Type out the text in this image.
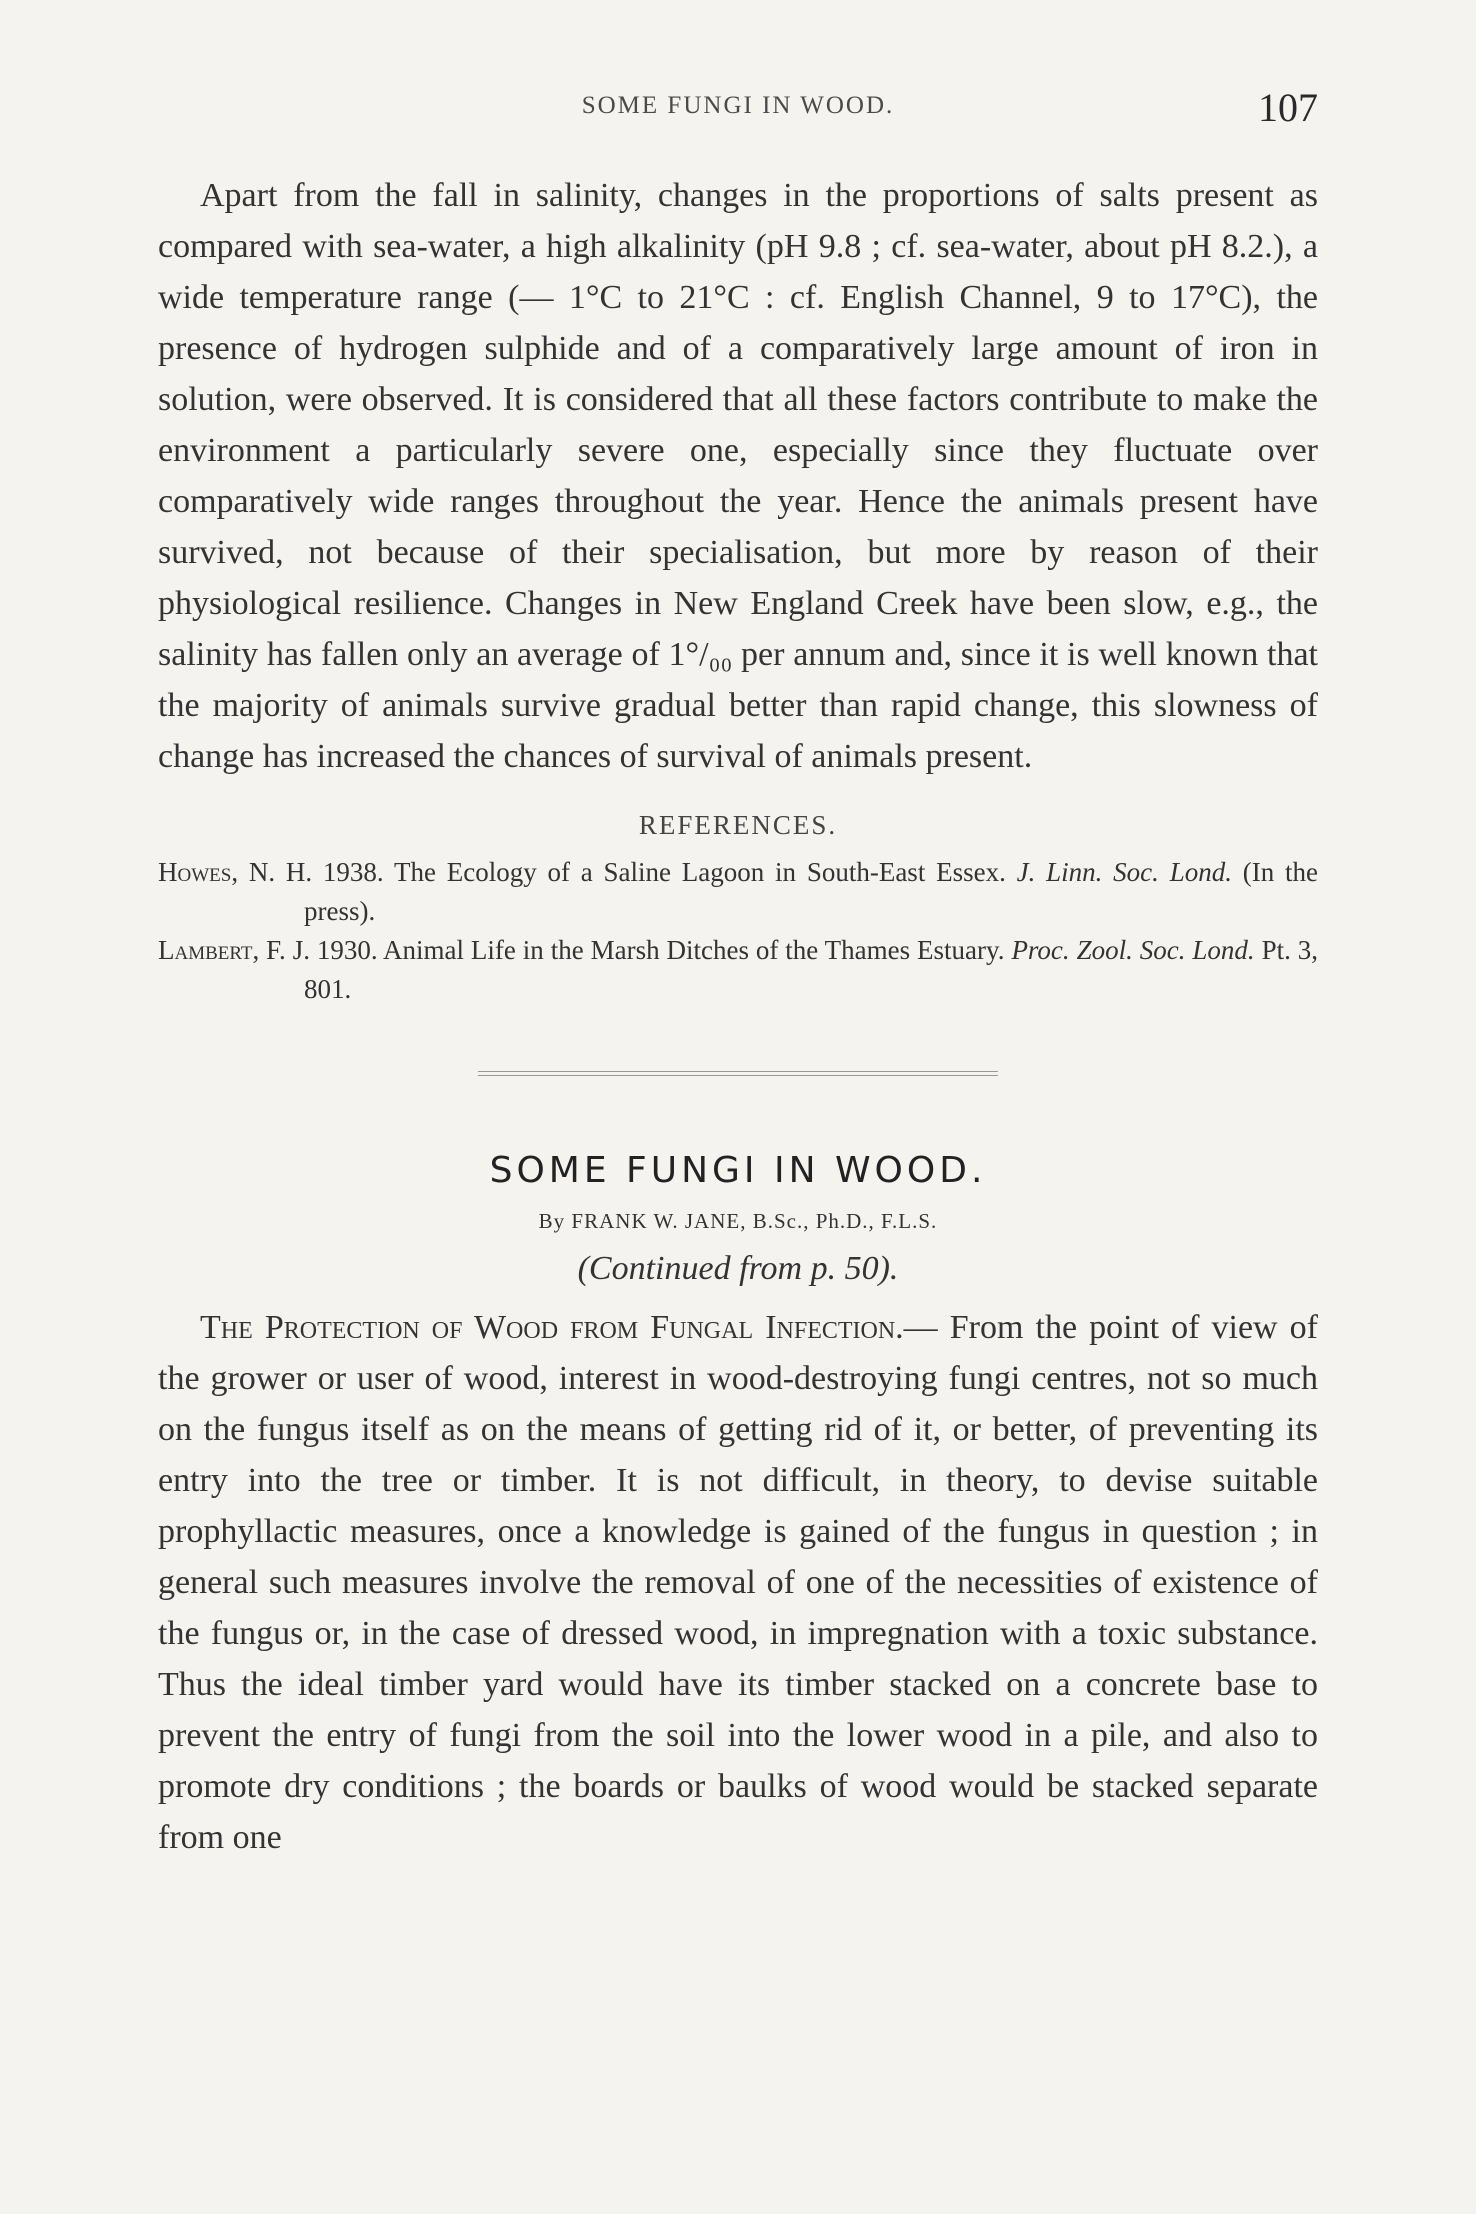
SOME FUNGI IN WOOD.	107

Apart from the fall in salinity, changes in the proportions of salts present as compared with sea-water, a high alkalinity (pH 9.8 ; cf. sea-water, about pH 8.2.), a wide temperature range (— 1°C to 21°C : cf. English Channel, 9 to 17°C), the presence of hydrogen sulphide and of a comparatively large amount of iron in solution, were observed. It is considered that all these factors contribute to make the environment a particularly severe one, especially since they fluctuate over comparatively wide ranges throughout the year. Hence the animals present have survived, not because of their specialisation, but more by reason of their physiological resilience. Changes in New England Creek have been slow, e.g., the salinity has fallen only an average of 1°/₀₀ per annum and, since it is well known that the majority of animals survive gradual better than rapid change, this slowness of change has increased the chances of survival of animals present.

REFERENCES.

Howes, N. H. 1938. The Ecology of a Saline Lagoon in South-East Essex. J. Linn. Soc. Lond. (In the press).

Lambert, F. J. 1930. Animal Life in the Marsh Ditches of the Thames Estuary. Proc. Zool. Soc. Lond. Pt. 3, 801.

SOME FUNGI IN WOOD.
By FRANK W. JANE, B.Sc., Ph.D., F.L.S.
(Continued from p. 50).

The Protection of Wood from Fungal Infection.— From the point of view of the grower or user of wood, interest in wood-destroying fungi centres, not so much on the fungus itself as on the means of getting rid of it, or better, of preventing its entry into the tree or timber. It is not difficult, in theory, to devise suitable prophyllactic measures, once a knowledge is gained of the fungus in question ; in general such measures involve the removal of one of the necessities of existence of the fungus or, in the case of dressed wood, in impregnation with a toxic substance. Thus the ideal timber yard would have its timber stacked on a concrete base to prevent the entry of fungi from the soil into the lower wood in a pile, and also to promote dry conditions ; the boards or baulks of wood would be stacked separate from one
